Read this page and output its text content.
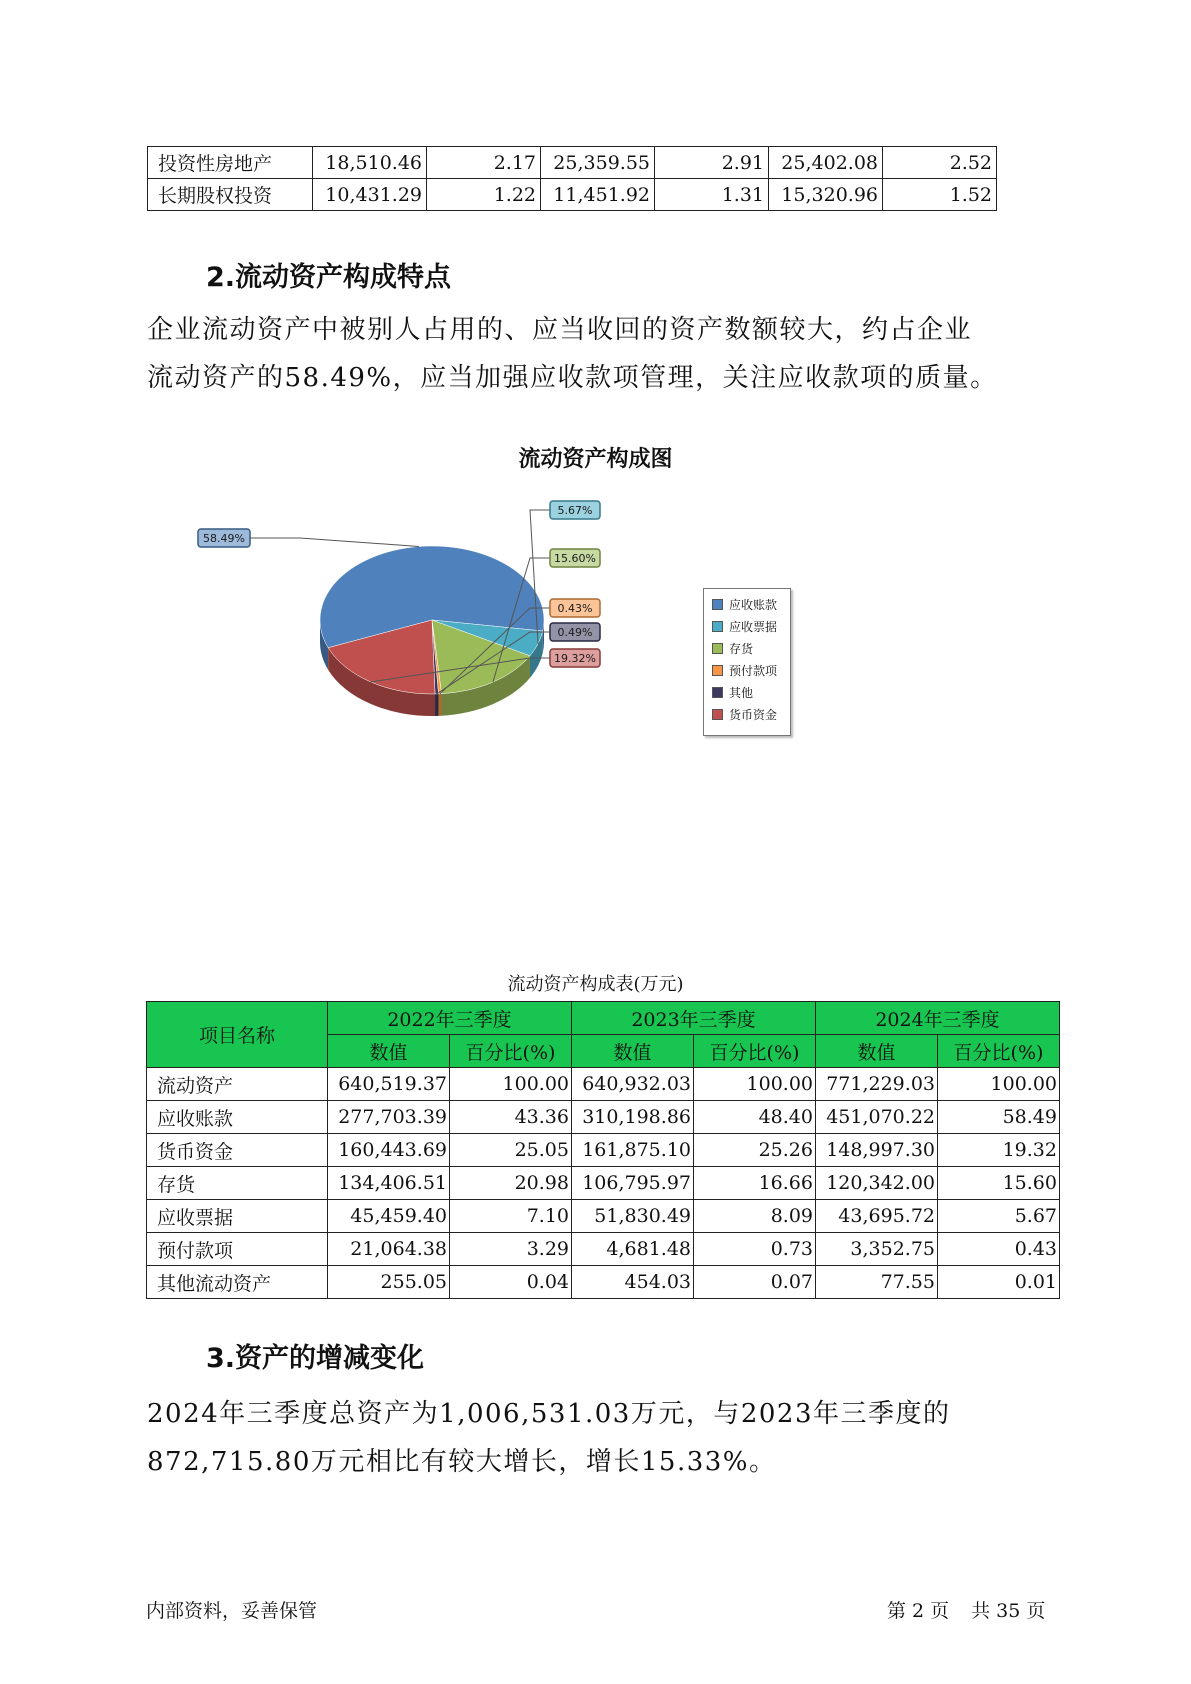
投资性房地产	18,510.46	2.17	25,359.55	2.91	25,402.08	2.52
长期股权投资	10,431.29	1.22	11,451.92	1.31	15,320.96	1.52
2.流动资产构成特点

企业流动资产中被别人占用的、应当收回的资产数额较大，约占企业
流动资产的58.49%，应当加强应收款项管理，关注应收款项的质量。

流动资产构成图
58.49%
5.67%
15.60%
0.43%
0.49%
19.32%
应收账款
应收票据
存货
预付款项
其他
货币资金
流动资产构成表(万元)
项目名称	2022年三季度		2023年三季度		2024年三季度	
	数值	百分比(%)	数值	百分比(%)	数值	百分比(%)
流动资产	640,519.37	100.00	640,932.03	100.00	771,229.03	100.00
应收账款	277,703.39	43.36	310,198.86	48.40	451,070.22	58.49
货币资金	160,443.69	25.05	161,875.10	25.26	148,997.30	19.32
存货	134,406.51	20.98	106,795.97	16.66	120,342.00	15.60
应收票据	45,459.40	7.10	51,830.49	8.09	43,695.72	5.67
预付款项	21,064.38	3.29	4,681.48	0.73	3,352.75	0.43
其他流动资产	255.05	0.04	454.03	0.07	77.55	0.01
3.资产的增减变化

2024年三季度总资产为1,006,531.03万元，与2023年三季度的
872,715.80万元相比有较大增长，增长15.33%。

内部资料，妥善保管	第 2 页 共 35 页
